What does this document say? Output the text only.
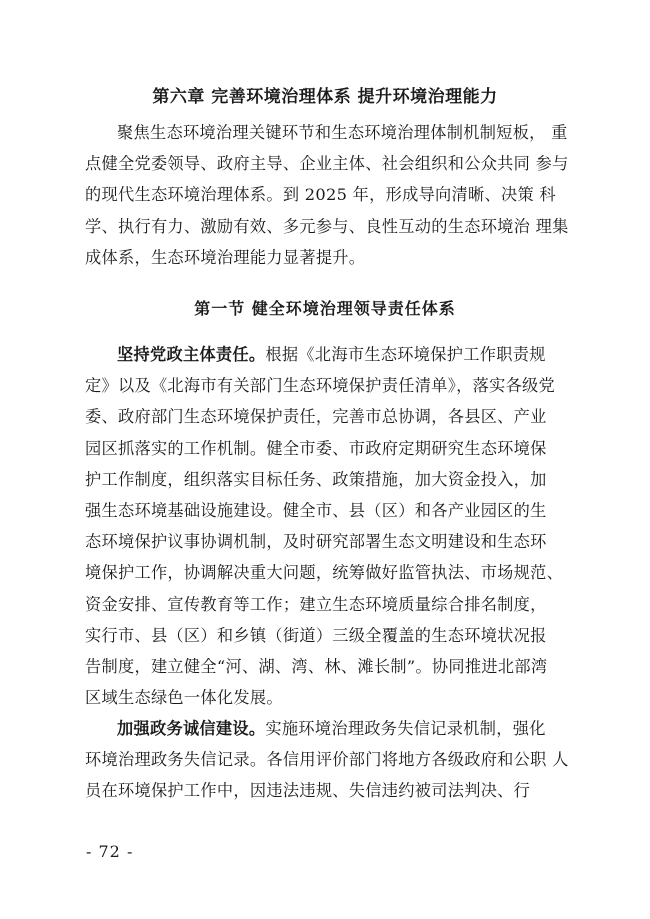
第六章 完善环境治理体系 提升环境治理能力
聚焦生态环境治理关键环节和生态环境治理体制机制短板， 重
点健全党委领导、政府主导、企业主体、社会组织和公众共同 参与
的现代生态环境治理体系。到 2025 年，形成导向清晰、决策 科
学、执行有力、激励有效、多元参与、良性互动的生态环境治 理集
成体系，生态环境治理能力显著提升。
第一节 健全环境治理领导责任体系
坚持党政主体责任。根据《北海市生态环境保护工作职责规
定》以及《北海市有关部门生态环境保护责任清单》，落实各级党
委、政府部门生态环境保护责任，完善市总协调，各县区、产业
园区抓落实的工作机制。健全市委、市政府定期研究生态环境保
护工作制度，组织落实目标任务、政策措施，加大资金投入，加
强生态环境基础设施建设。健全市、县（区）和各产业园区的生
态环境保护议事协调机制，及时研究部署生态文明建设和生态环
境保护工作，协调解决重大问题，统筹做好监管执法、市场规范、
资金安排、宣传教育等工作；建立生态环境质量综合排名制度，
实行市、县（区）和乡镇（街道）三级全覆盖的生态环境状况报
告制度，建立健全“河、湖、湾、林、滩长制”。协同推进北部湾
区域生态绿色一体化发展。
加强政务诚信建设。实施环境治理政务失信记录机制，强化
环境治理政务失信记录。各信用评价部门将地方各级政府和公职 人
员在环境保护工作中，因违法违规、失信违约被司法判决、行
- 72 -
